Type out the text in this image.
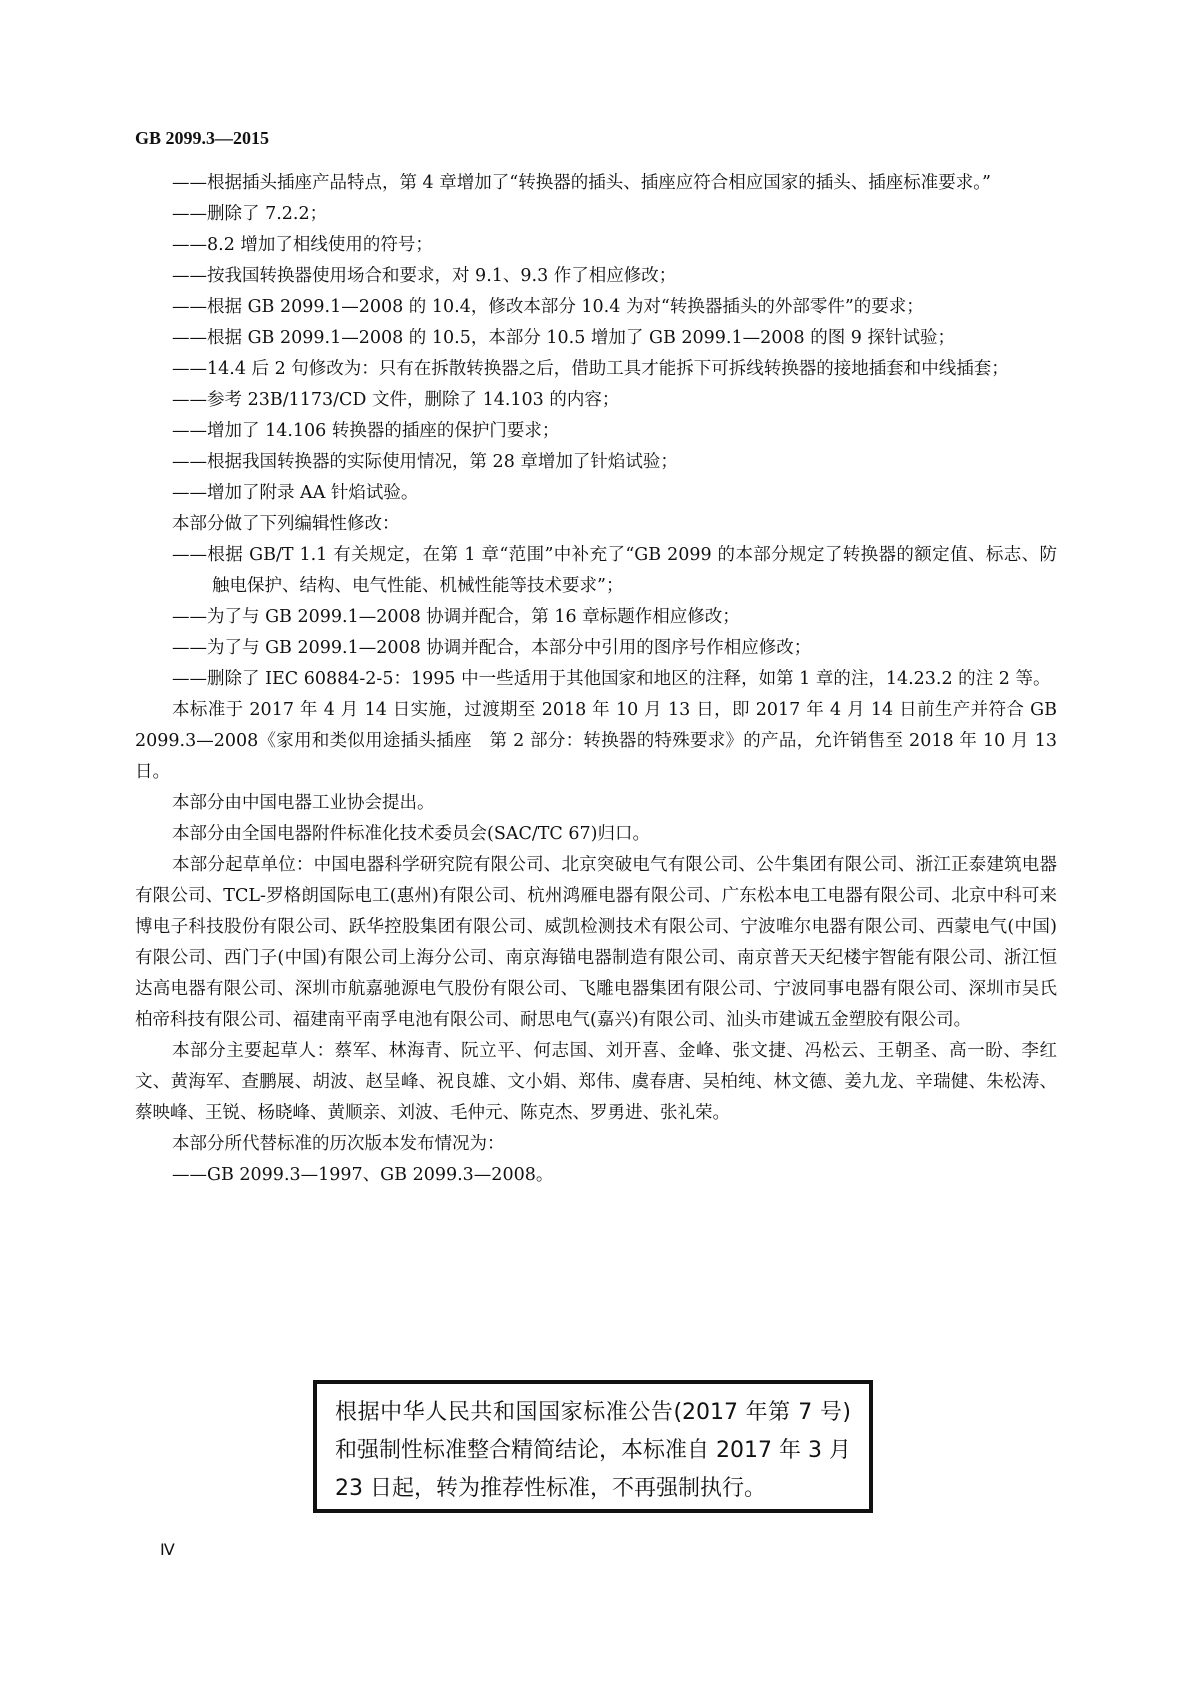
GB 2099.3—2015

——根据插头插座产品特点，第 4 章增加了“转换器的插头、插座应符合相应国家的插头、插座标准要求。”

——删除了 7.2.2；

——8.2 增加了相线使用的符号；

——按我国转换器使用场合和要求，对 9.1、9.3 作了相应修改；

——根据 GB 2099.1—2008 的 10.4，修改本部分 10.4 为对“转换器插头的外部零件”的要求；

——根据 GB 2099.1—2008 的 10.5，本部分 10.5 增加了 GB 2099.1—2008 的图 9 探针试验；

——14.4 后 2 句修改为：只有在拆散转换器之后，借助工具才能拆下可拆线转换器的接地插套和中线插套；

——参考 23B/1173/CD 文件，删除了 14.103 的内容；

——增加了 14.106 转换器的插座的保护门要求；

——根据我国转换器的实际使用情况，第 28 章增加了针焰试验；

——增加了附录 AA 针焰试验。

本部分做了下列编辑性修改：

——根据 GB/T 1.1 有关规定，在第 1 章“范围”中补充了“GB 2099 的本部分规定了转换器的额定值、标志、防触电保护、结构、电气性能、机械性能等技术要求”；

——为了与 GB 2099.1—2008 协调并配合，第 16 章标题作相应修改；

——为了与 GB 2099.1—2008 协调并配合，本部分中引用的图序号作相应修改；

——删除了 IEC 60884-2-5：1995 中一些适用于其他国家和地区的注释，如第 1 章的注，14.23.2 的注 2 等。

本标准于 2017 年 4 月 14 日实施，过渡期至 2018 年 10 月 13 日，即 2017 年 4 月 14 日前生产并符合 GB 2099.3—2008《家用和类似用途插头插座　第 2 部分：转换器的特殊要求》的产品，允许销售至 2018 年 10 月 13 日。

本部分由中国电器工业协会提出。

本部分由全国电器附件标准化技术委员会(SAC/TC 67)归口。

本部分起草单位：中国电器科学研究院有限公司、北京突破电气有限公司、公牛集团有限公司、浙江正泰建筑电器有限公司、TCL-罗格朗国际电工(惠州)有限公司、杭州鸿雁电器有限公司、广东松本电工电器有限公司、北京中科可来博电子科技股份有限公司、跃华控股集团有限公司、威凯检测技术有限公司、宁波唯尔电器有限公司、西蒙电气(中国)有限公司、西门子(中国)有限公司上海分公司、南京海锚电器制造有限公司、南京普天天纪楼宇智能有限公司、浙江恒达高电器有限公司、深圳市航嘉驰源电气股份有限公司、飞雕电器集团有限公司、宁波同事电器有限公司、深圳市吴氏柏帝科技有限公司、福建南平南孚电池有限公司、耐思电气(嘉兴)有限公司、汕头市建诚五金塑胶有限公司。

本部分主要起草人：蔡军、林海青、阮立平、何志国、刘开喜、金峰、张文捷、冯松云、王朝圣、高一盼、李红文、黄海军、查鹏展、胡波、赵呈峰、祝良雄、文小娟、郑伟、虞春唐、吴柏纯、林文德、姜九龙、辛瑞健、朱松涛、蔡映峰、王锐、杨晓峰、黄顺亲、刘波、毛仲元、陈克杰、罗勇进、张礼荣。

本部分所代替标准的历次版本发布情况为：

——GB 2099.3—1997、GB 2099.3—2008。

根据中华人民共和国国家标准公告(2017 年第 7 号)和强制性标准整合精简结论，本标准自 2017 年 3 月 23 日起，转为推荐性标准，不再强制执行。
Ⅳ
